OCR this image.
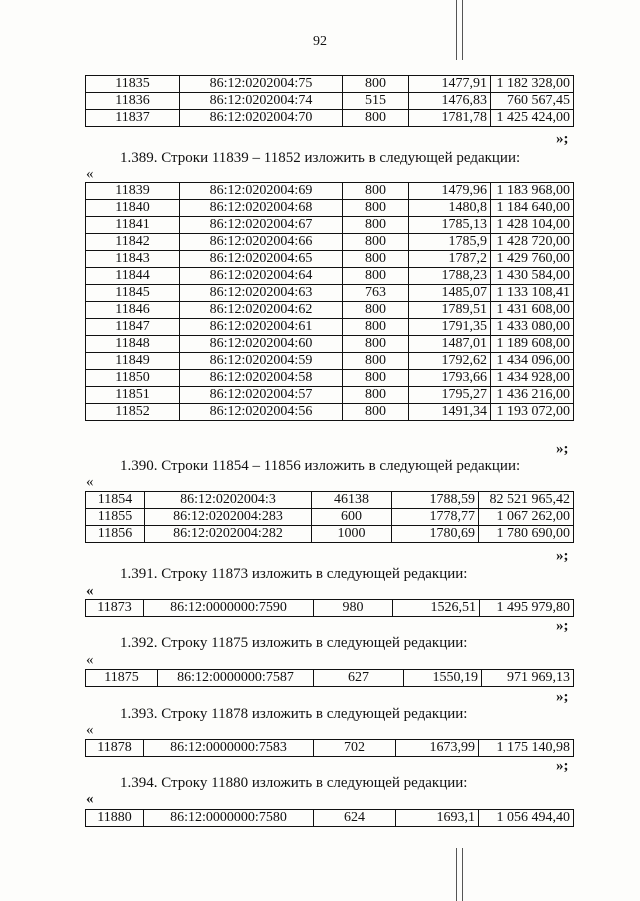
92
11835	86:12:0202004:75	800	1477,91	1 182 328,00
11836	86:12:0202004:74	515	1476,83	760 567,45
11837	86:12:0202004:70	800	1781,78	1 425 424,00
»;
1.389. Строки 11839 – 11852 изложить в следующей редакции:
«
11839	86:12:0202004:69	800	1479,96	1 183 968,00
11840	86:12:0202004:68	800	1480,8	1 184 640,00
11841	86:12:0202004:67	800	1785,13	1 428 104,00
11842	86:12:0202004:66	800	1785,9	1 428 720,00
11843	86:12:0202004:65	800	1787,2	1 429 760,00
11844	86:12:0202004:64	800	1788,23	1 430 584,00
11845	86:12:0202004:63	763	1485,07	1 133 108,41
11846	86:12:0202004:62	800	1789,51	1 431 608,00
11847	86:12:0202004:61	800	1791,35	1 433 080,00
11848	86:12:0202004:60	800	1487,01	1 189 608,00
11849	86:12:0202004:59	800	1792,62	1 434 096,00
11850	86:12:0202004:58	800	1793,66	1 434 928,00
11851	86:12:0202004:57	800	1795,27	1 436 216,00
11852	86:12:0202004:56	800	1491,34	1 193 072,00
»;
1.390. Строки 11854 – 11856 изложить в следующей редакции:
«
11854	86:12:0202004:3	46138	1788,59	82 521 965,42
11855	86:12:0202004:283	600	1778,77	1 067 262,00
11856	86:12:0202004:282	1000	1780,69	1 780 690,00
»;
1.391. Строку 11873 изложить в следующей редакции:
«
11873	86:12:0000000:7590	980	1526,51	1 495 979,80
»;
1.392. Строку 11875 изложить в следующей редакции:
«
11875	86:12:0000000:7587	627	1550,19	971 969,13
»;
1.393. Строку 11878 изложить в следующей редакции:
«
11878	86:12:0000000:7583	702	1673,99	1 175 140,98
»;
1.394. Строку 11880 изложить в следующей редакции:
«
11880	86:12:0000000:7580	624	1693,1	1 056 494,40
